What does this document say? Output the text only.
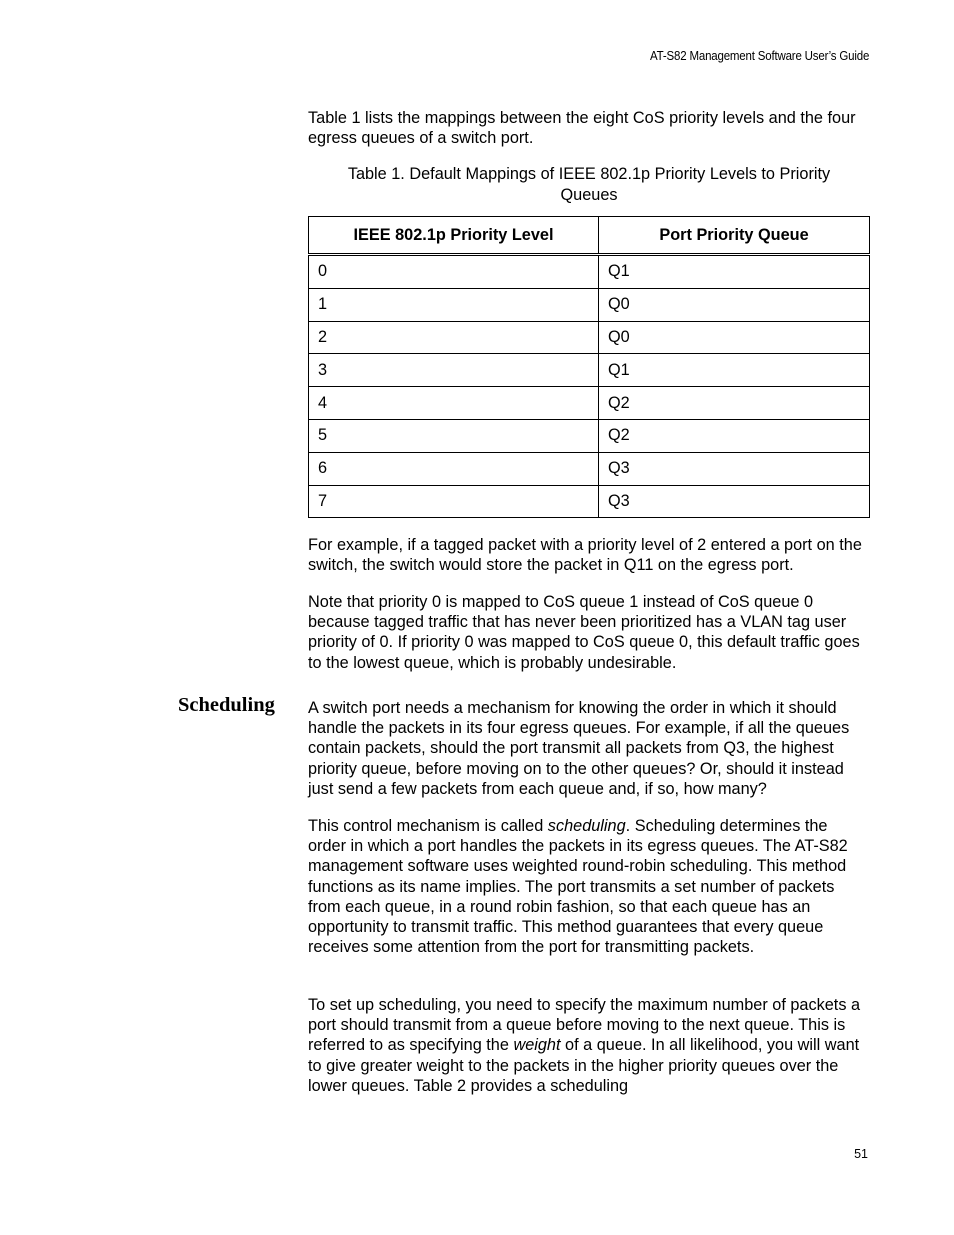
AT-S82 Management Software User’s Guide

Table 1 lists the mappings between the eight CoS priority levels and the four egress queues of a switch port.

Table 1. Default Mappings of IEEE 802.1p Priority Levels to Priority
Queues
IEEE 802.1p Priority Level	Port Priority Queue
0	Q1
1	Q0
2	Q0
3	Q1
4	Q2
5	Q2
6	Q3
7	Q3

For example, if a tagged packet with a priority level of 2 entered a port on the switch, the switch would store the packet in Q11 on the egress port.

Note that priority 0 is mapped to CoS queue 1 instead of CoS queue 0 because tagged traffic that has never been prioritized has a VLAN tag user priority of 0. If priority 0 was mapped to CoS queue 0, this default traffic goes to the lowest queue, which is probably undesirable.

Scheduling A switch port needs a mechanism for knowing the order in which it should handle the packets in its four egress queues. For example, if all the queues contain packets, should the port transmit all packets from Q3, the highest priority queue, before moving on to the other queues? Or, should it instead just send a few packets from each queue and, if so, how many?

This control mechanism is called scheduling. Scheduling determines the order in which a port handles the packets in its egress queues. The AT-S82 management software uses weighted round-robin scheduling. This method functions as its name implies. The port transmits a set number of packets from each queue, in a round robin fashion, so that each queue has an opportunity to transmit traffic. This method guarantees that every queue receives some attention from the port for transmitting packets.

To set up scheduling, you need to specify the maximum number of packets a port should transmit from a queue before moving to the next queue. This is referred to as specifying the weight of a queue. In all likelihood, you will want to give greater weight to the packets in the higher priority queues over the lower queues. Table 2 provides a scheduling

51
